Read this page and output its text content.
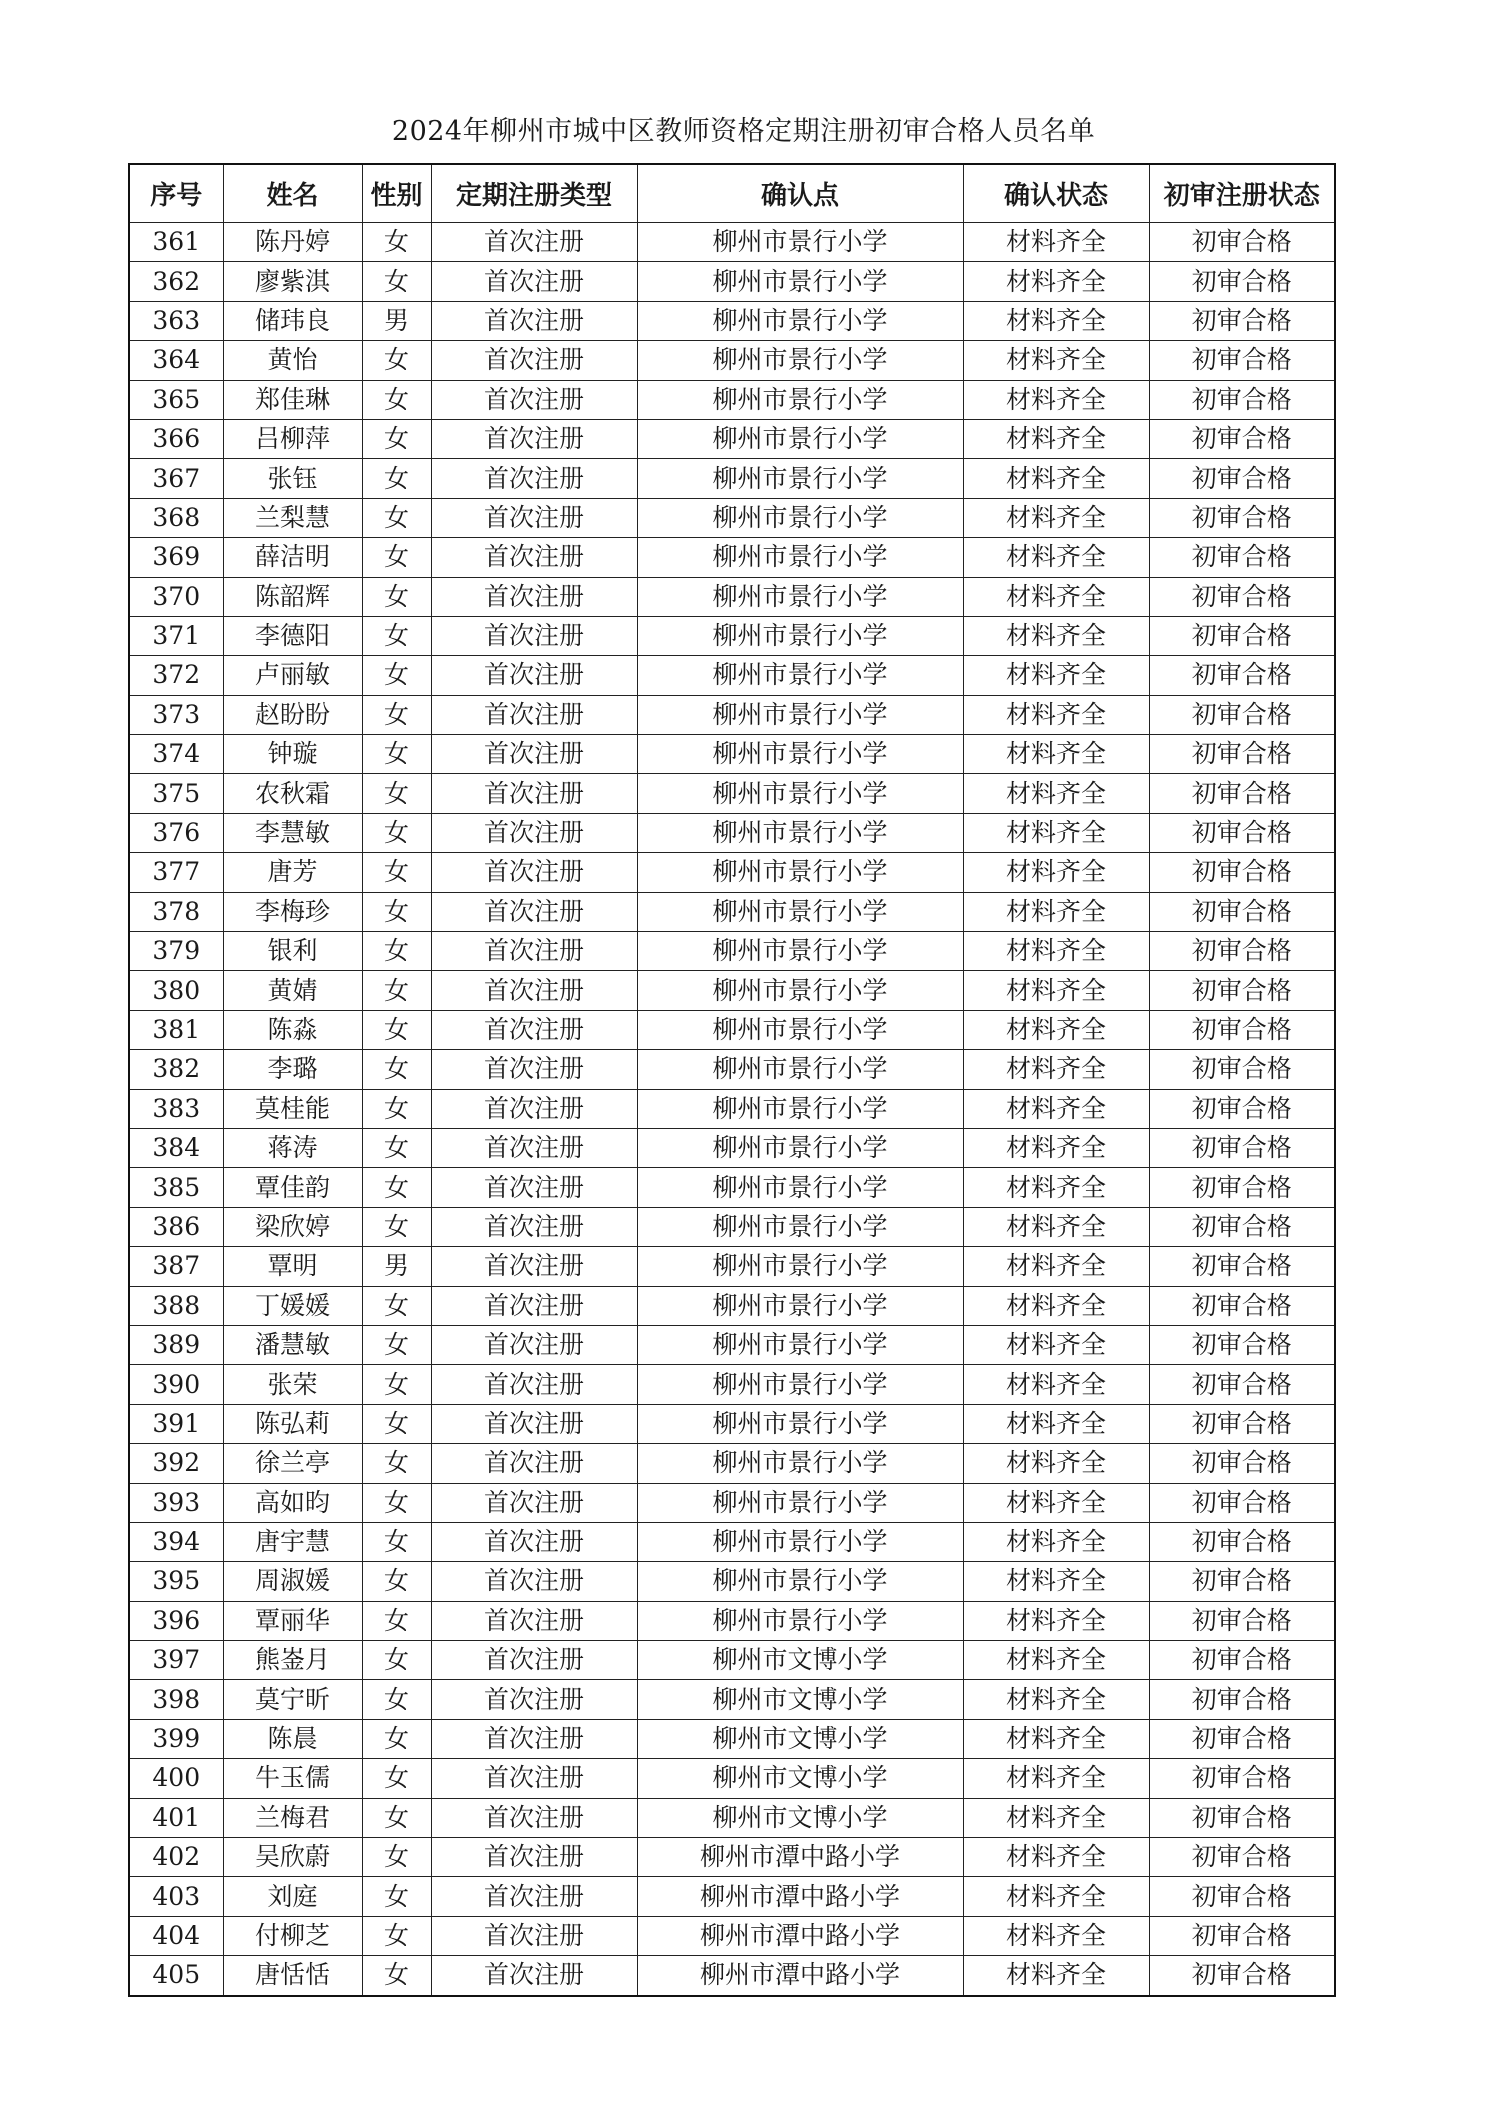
2024年柳州市城中区教师资格定期注册初审合格人员名单
序号	姓名	性别	定期注册类型	确认点	确认状态	初审注册状态
361	陈丹婷	女	首次注册	柳州市景行小学	材料齐全	初审合格
362	廖紫淇	女	首次注册	柳州市景行小学	材料齐全	初审合格
363	储玮良	男	首次注册	柳州市景行小学	材料齐全	初审合格
364	黄怡	女	首次注册	柳州市景行小学	材料齐全	初审合格
365	郑佳琳	女	首次注册	柳州市景行小学	材料齐全	初审合格
366	吕柳萍	女	首次注册	柳州市景行小学	材料齐全	初审合格
367	张钰	女	首次注册	柳州市景行小学	材料齐全	初审合格
368	兰梨慧	女	首次注册	柳州市景行小学	材料齐全	初审合格
369	薛洁明	女	首次注册	柳州市景行小学	材料齐全	初审合格
370	陈韶辉	女	首次注册	柳州市景行小学	材料齐全	初审合格
371	李德阳	女	首次注册	柳州市景行小学	材料齐全	初审合格
372	卢丽敏	女	首次注册	柳州市景行小学	材料齐全	初审合格
373	赵盼盼	女	首次注册	柳州市景行小学	材料齐全	初审合格
374	钟璇	女	首次注册	柳州市景行小学	材料齐全	初审合格
375	农秋霜	女	首次注册	柳州市景行小学	材料齐全	初审合格
376	李慧敏	女	首次注册	柳州市景行小学	材料齐全	初审合格
377	唐芳	女	首次注册	柳州市景行小学	材料齐全	初审合格
378	李梅珍	女	首次注册	柳州市景行小学	材料齐全	初审合格
379	银利	女	首次注册	柳州市景行小学	材料齐全	初审合格
380	黄婧	女	首次注册	柳州市景行小学	材料齐全	初审合格
381	陈淼	女	首次注册	柳州市景行小学	材料齐全	初审合格
382	李璐	女	首次注册	柳州市景行小学	材料齐全	初审合格
383	莫桂能	女	首次注册	柳州市景行小学	材料齐全	初审合格
384	蒋涛	女	首次注册	柳州市景行小学	材料齐全	初审合格
385	覃佳韵	女	首次注册	柳州市景行小学	材料齐全	初审合格
386	梁欣婷	女	首次注册	柳州市景行小学	材料齐全	初审合格
387	覃明	男	首次注册	柳州市景行小学	材料齐全	初审合格
388	丁媛媛	女	首次注册	柳州市景行小学	材料齐全	初审合格
389	潘慧敏	女	首次注册	柳州市景行小学	材料齐全	初审合格
390	张荣	女	首次注册	柳州市景行小学	材料齐全	初审合格
391	陈弘莉	女	首次注册	柳州市景行小学	材料齐全	初审合格
392	徐兰亭	女	首次注册	柳州市景行小学	材料齐全	初审合格
393	高如昀	女	首次注册	柳州市景行小学	材料齐全	初审合格
394	唐宇慧	女	首次注册	柳州市景行小学	材料齐全	初审合格
395	周淑媛	女	首次注册	柳州市景行小学	材料齐全	初审合格
396	覃丽华	女	首次注册	柳州市景行小学	材料齐全	初审合格
397	熊崟月	女	首次注册	柳州市文博小学	材料齐全	初审合格
398	莫宁昕	女	首次注册	柳州市文博小学	材料齐全	初审合格
399	陈晨	女	首次注册	柳州市文博小学	材料齐全	初审合格
400	牛玉儒	女	首次注册	柳州市文博小学	材料齐全	初审合格
401	兰梅君	女	首次注册	柳州市文博小学	材料齐全	初审合格
402	吴欣蔚	女	首次注册	柳州市潭中路小学	材料齐全	初审合格
403	刘庭	女	首次注册	柳州市潭中路小学	材料齐全	初审合格
404	付柳芝	女	首次注册	柳州市潭中路小学	材料齐全	初审合格
405	唐恬恬	女	首次注册	柳州市潭中路小学	材料齐全	初审合格
